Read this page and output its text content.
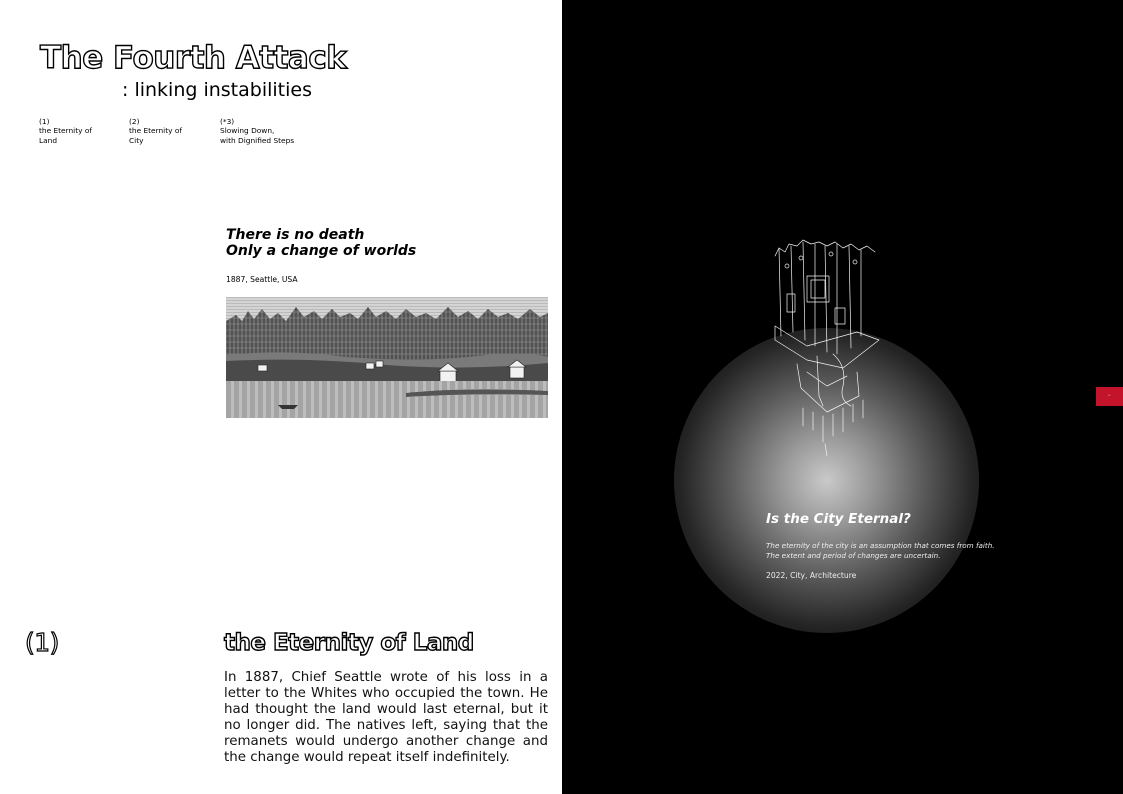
The Fourth Attack
: linking instabilities
(1)
the Eternity of
Land
(2)
the Eternity of
City
(*3)
Slowing Down,
with Dignified Steps
There is no death
Only a change of worlds
1887, Seattle, USA
(1)	the Eternity of Land
In 1887, Chief Seattle wrote of his loss in a letter to the Whites who occupied the town. He had thought the land would last eternal, but it no longer did. The natives left, saying that the remanets would undergo another change and the change would repeat itself indefinitely.
Is the City Eternal?
The eternity of the city is an assumption that comes from faith.
The extent and period of changes are uncertain.
2022, City, Architecture
ʿʿ
